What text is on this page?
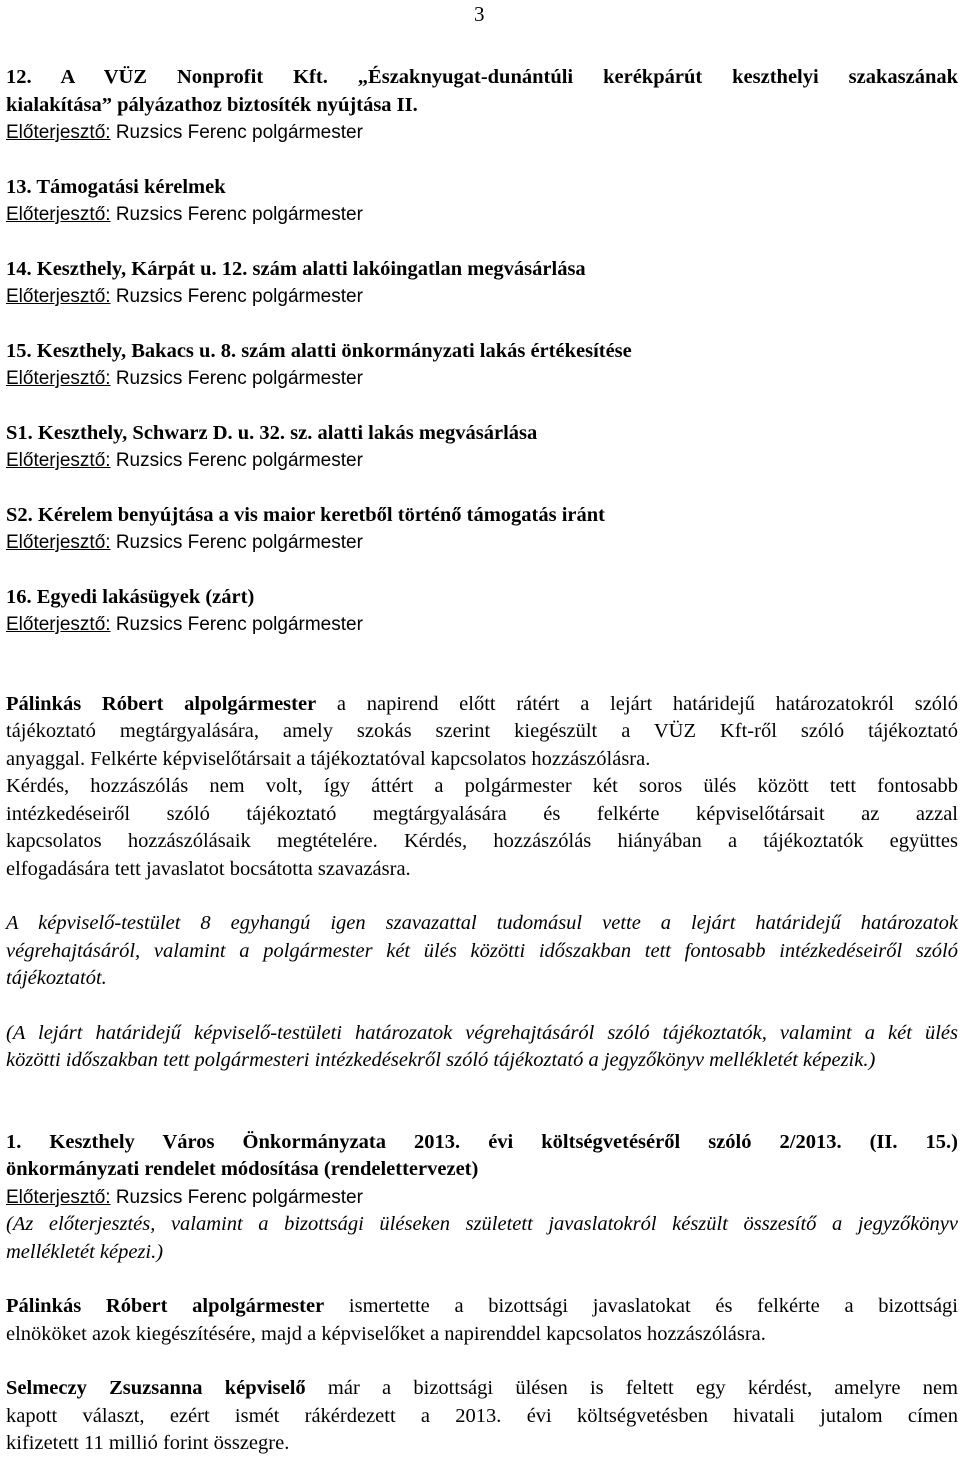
3
12. A VÜZ Nonprofit Kft. „Északnyugat-dunántúli kerékpárút keszthelyi szakaszának
kialakítása” pályázathoz biztosíték nyújtása II.
Előterjesztő: Ruzsics Ferenc polgármester
13. Támogatási kérelmek
Előterjesztő: Ruzsics Ferenc polgármester
14. Keszthely, Kárpát u. 12. szám alatti lakóingatlan megvásárlása
Előterjesztő: Ruzsics Ferenc polgármester
15. Keszthely, Bakacs u. 8. szám alatti önkormányzati lakás értékesítése
Előterjesztő: Ruzsics Ferenc polgármester
S1. Keszthely, Schwarz D. u. 32. sz. alatti lakás megvásárlása
Előterjesztő: Ruzsics Ferenc polgármester
S2. Kérelem benyújtása a vis maior keretből történő támogatás iránt
Előterjesztő: Ruzsics Ferenc polgármester
16. Egyedi lakásügyek (zárt)
Előterjesztő: Ruzsics Ferenc polgármester
Pálinkás Róbert alpolgármester a napirend előtt rátért a lejárt határidejű határozatokról szóló
tájékoztató megtárgyalására, amely szokás szerint kiegészült a VÜZ Kft-ről szóló tájékoztató
anyaggal. Felkérte képviselőtársait a tájékoztatóval kapcsolatos hozzászólásra.
Kérdés, hozzászólás nem volt, így áttért a polgármester két soros ülés között tett fontosabb
intézkedéseiről szóló tájékoztató megtárgyalására és felkérte képviselőtársait az azzal
kapcsolatos hozzászólásaik megtételére. Kérdés, hozzászólás hiányában a tájékoztatók együttes
elfogadására tett javaslatot bocsátotta szavazásra.
A képviselő-testület 8 egyhangú igen szavazattal tudomásul vette a lejárt határidejű határozatok
végrehajtásáról, valamint a polgármester két ülés közötti időszakban tett fontosabb intézkedéseiről szóló
tájékoztatót.
(A lejárt határidejű képviselő-testületi határozatok végrehajtásáról szóló tájékoztatók, valamint a két ülés
közötti időszakban tett polgármesteri intézkedésekről szóló tájékoztató a jegyzőkönyv mellékletét képezik.)
1. Keszthely Város Önkormányzata 2013. évi költségvetéséről szóló 2/2013. (II. 15.)
önkormányzati rendelet módosítása (rendelettervezet)
Előterjesztő: Ruzsics Ferenc polgármester
(Az előterjesztés, valamint a bizottsági üléseken született javaslatokról készült összesítő a jegyzőkönyv
mellékletét képezi.)
Pálinkás Róbert alpolgármester ismertette a bizottsági javaslatokat és felkérte a bizottsági
elnököket azok kiegészítésére, majd a képviselőket a napirenddel kapcsolatos hozzászólásra.
Selmeczy Zsuzsanna képviselő már a bizottsági ülésen is feltett egy kérdést, amelyre nem
kapott választ, ezért ismét rákérdezett a 2013. évi költségvetésben hivatali jutalom címen
kifizetett 11 millió forint összegre.
